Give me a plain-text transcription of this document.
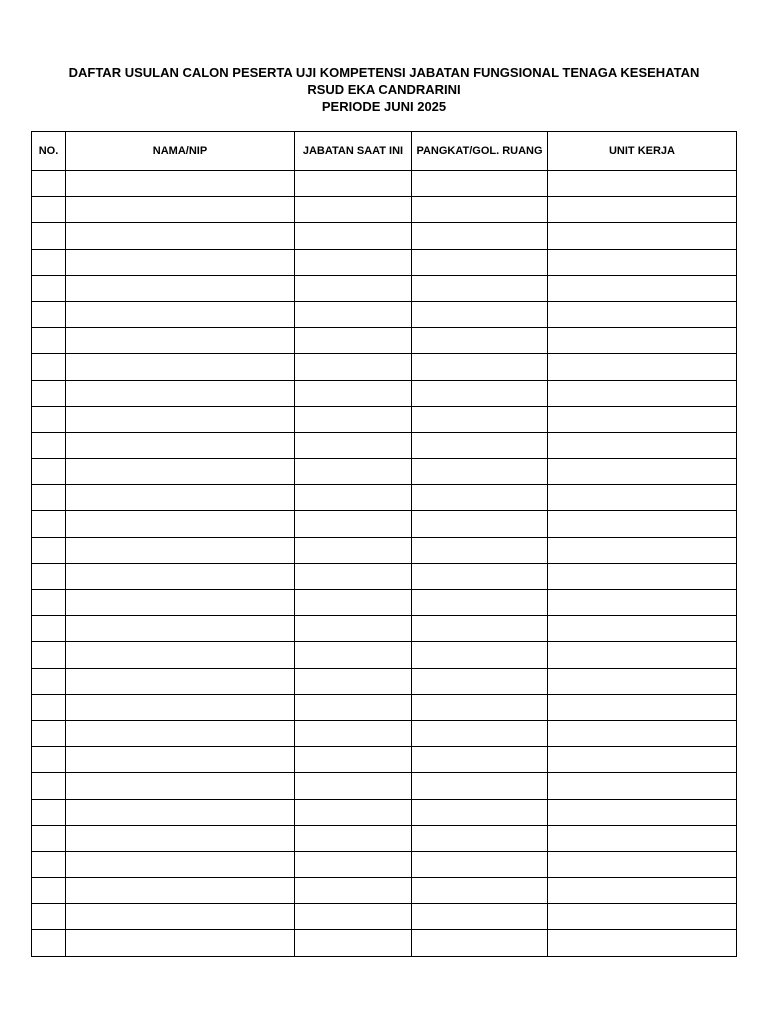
DAFTAR USULAN CALON PESERTA UJI KOMPETENSI JABATAN FUNGSIONAL TENAGA KESEHATAN
RSUD EKA CANDRARINI
PERIODE JUNI 2025
NO.	NAMA/NIP	JABATAN SAAT INI	PANGKAT/GOL. RUANG	UNIT KERJA
